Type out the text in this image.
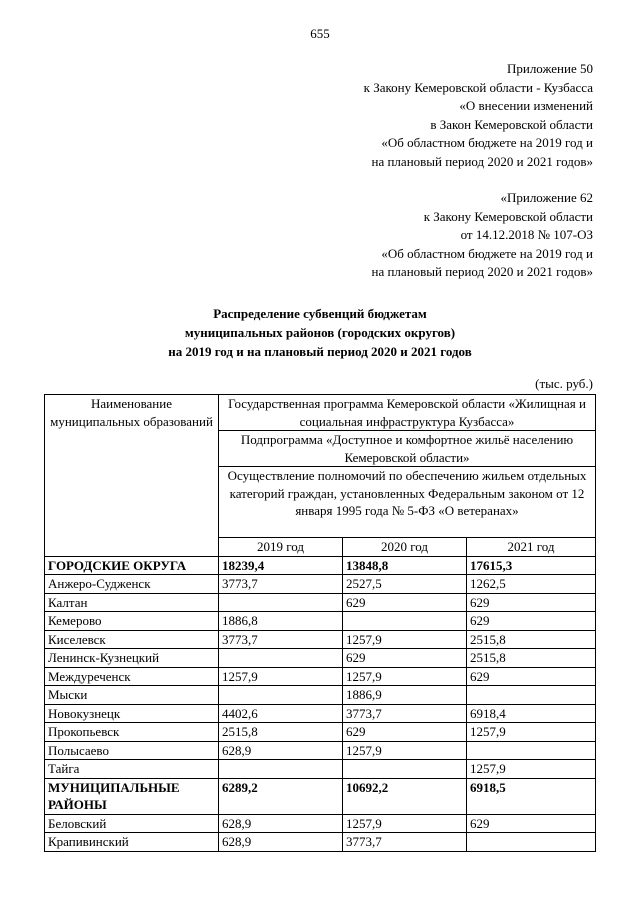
655
Приложение 50
к Закону Кемеровской области - Кузбасса
«О внесении изменений
в Закон Кемеровской области
«Об областном бюджете на 2019 год и
на плановый период 2020 и 2021 годов»
«Приложение 62
к Закону Кемеровской области
от 14.12.2018 № 107-ОЗ
«Об областном бюджете на 2019 год и
на плановый период 2020 и 2021 годов»
Распределение субвенций бюджетам
муниципальных районов (городских округов)
на 2019 год и на плановый период 2020 и 2021 годов
(тыс. руб.)
Наименование муниципальных образований	Государственная программа Кемеровской области «Жилищная и социальная инфраструктура Кузбасса»		
	Подпрограмма «Доступное и комфортное жильё населению Кемеровской области»		
	Осуществление полномочий по обеспечению жильем отдельных категорий граждан, установленных Федеральным законом от 12 января 1995 года № 5-ФЗ «О ветеранах»		
	2019 год	2020 год	2021 год
ГОРОДСКИЕ ОКРУГА	18239,4	13848,8	17615,3
Анжеро-Судженск	3773,7	2527,5	1262,5
Калтан		629	629
Кемерово	1886,8		629
Киселевск	3773,7	1257,9	2515,8
Ленинск-Кузнецкий		629	2515,8
Междуреченск	1257,9	1257,9	629
Мыски		1886,9	
Новокузнецк	4402,6	3773,7	6918,4
Прокопьевск	2515,8	629	1257,9
Полысаево	628,9	1257,9	
Тайга			1257,9
МУНИЦИПАЛЬНЫЕ РАЙОНЫ	6289,2	10692,2	6918,5
Беловский	628,9	1257,9	629
Крапивинский	628,9	3773,7	
